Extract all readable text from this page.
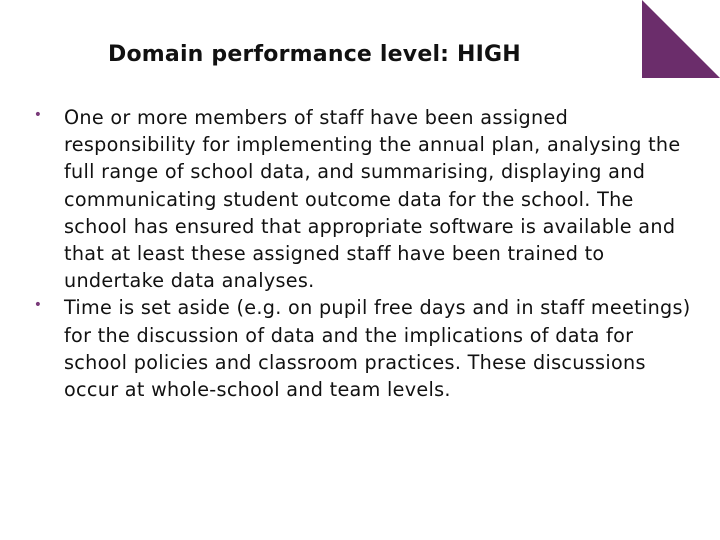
Domain performance level: HIGH
• One or more members of staff have been assigned responsibility for implementing the annual plan, analysing the full range of school data, and summarising, displaying and communicating student outcome data for the school. The school has ensured that appropriate software is available and that at least these assigned staff have been trained to undertake data analyses.
• Time is set aside (e.g. on pupil free days and in staff meetings) for the discussion of data and the implications of data for school policies and classroom practices. These discussions occur at whole-school and team levels.
